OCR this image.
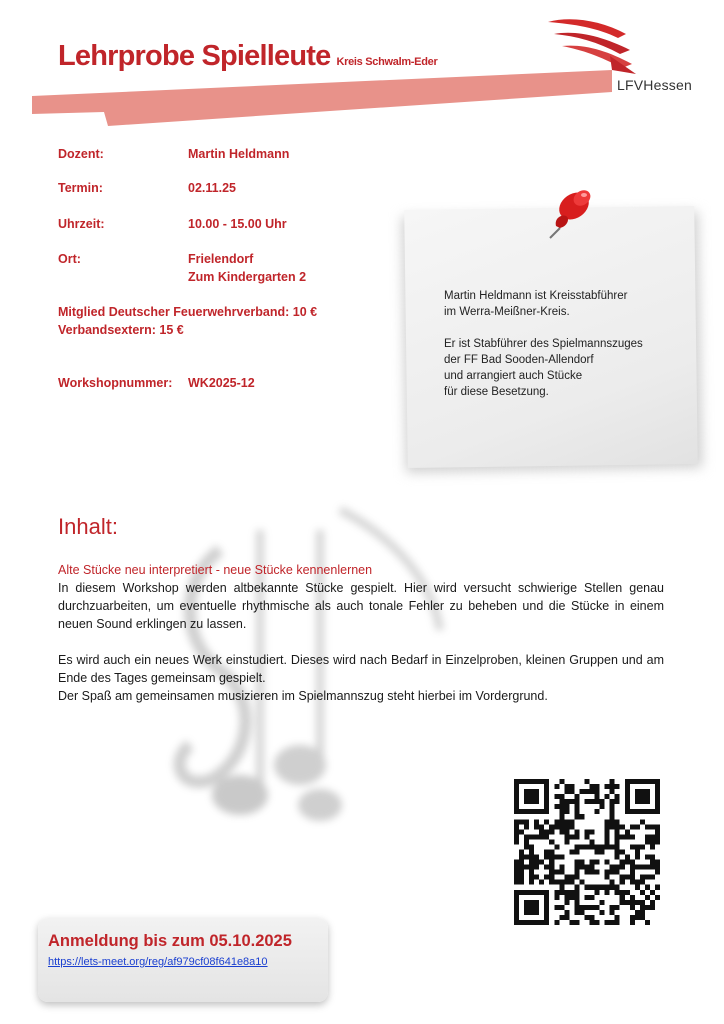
LFVHessen
Lehrprobe Spielleute Kreis Schwalm-Eder
Dozent:	Martin Heldmann
Termin:	02.11.25
Uhrzeit:	10.00 - 15.00 Uhr
Ort:	Frielendorf
Zum Kindergarten 2
Mitglied Deutscher Feuerwehrverband: 10 €
Verbandsextern: 15 €
Workshopnummer: WK2025-12

Martin Heldmann ist Kreisstabführer
im Werra-Meißner-Kreis.

Er ist Stabführer des Spielmannszuges
der FF Bad Sooden-Allendorf
und arrangiert auch Stücke
für diese Besetzung.

Inhalt:
Alte Stücke neu interpretiert - neue Stücke kennenlernen
In diesem Workshop werden altbekannte Stücke gespielt. Hier wird versucht schwierige Stellen genau durchzuarbeiten, um eventuelle rhythmische als auch tonale Fehler zu beheben und die Stücke in einem neuen Sound erklingen zu lassen.
Es wird auch ein neues Werk einstudiert. Dieses wird nach Bedarf in Einzelproben, kleinen Gruppen und am Ende des Tages gemeinsam gespielt.
Der Spaß am gemeinsamen musizieren im Spielmannszug steht hierbei im Vordergrund.
Anmeldung bis zum 05.10.2025
https://lets-meet.org/reg/af979cf08f641e8a10
